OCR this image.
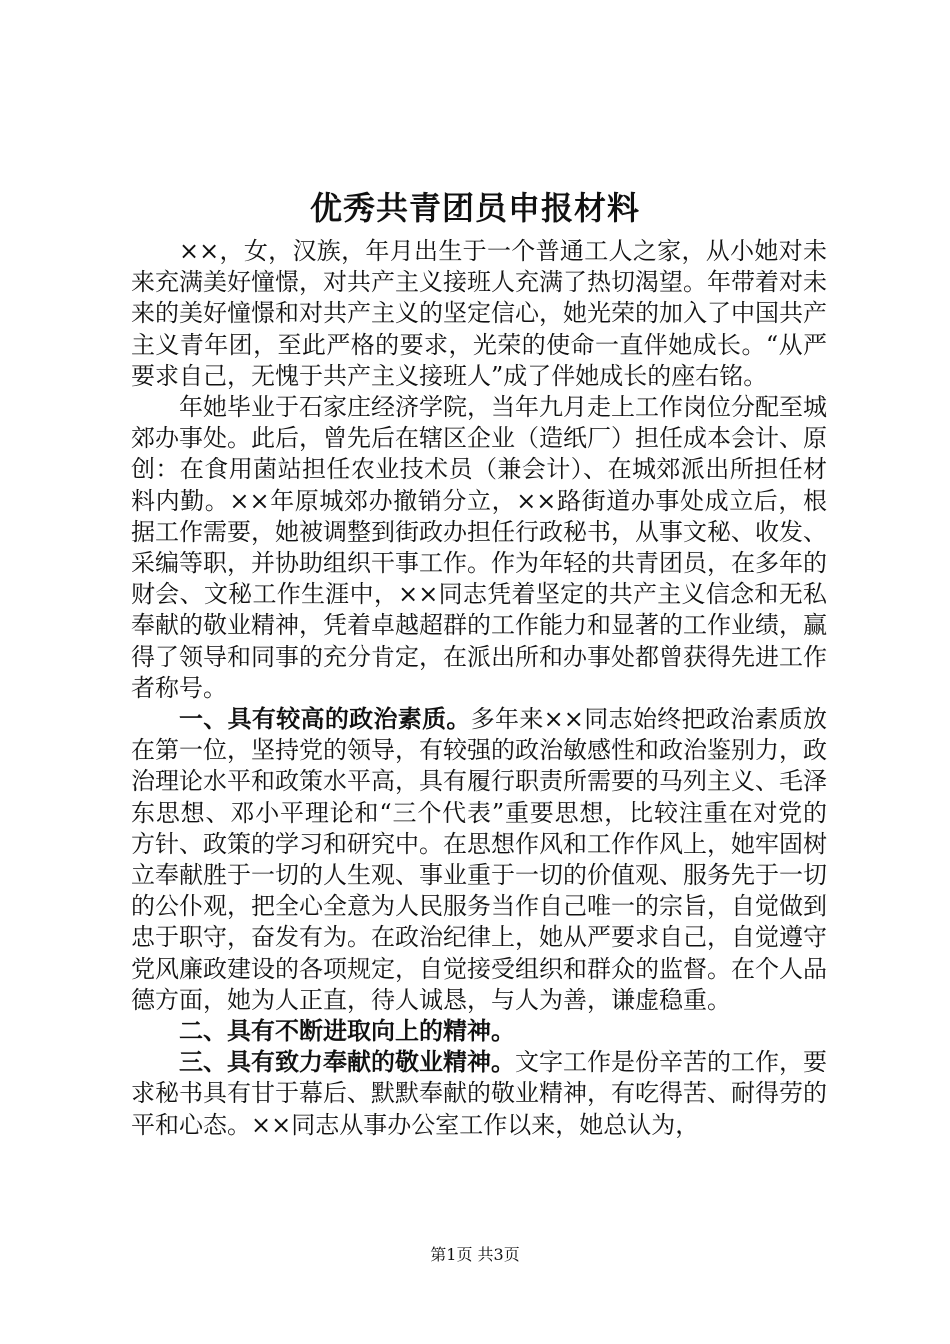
优秀共青团员申报材料

××，女，汉族，年月出生于一个普通工人之家，从小她对未来充满美好憧憬，对共产主义接班人充满了热切渴望。年带着对未来的美好憧憬和对共产主义的坚定信心，她光荣的加入了中国共产主义青年团，至此严格的要求，光荣的使命一直伴她成长。“从严要求自己，无愧于共产主义接班人”成了伴她成长的座右铭。

年她毕业于石家庄经济学院，当年九月走上工作岗位分配至城郊办事处。此后，曾先后在辖区企业（造纸厂）担任成本会计、原创：在食用菌站担任农业技术员（兼会计）、在城郊派出所担任材料内勤。××年原城郊办撤销分立，××路街道办事处成立后，根据工作需要，她被调整到街政办担任行政秘书，从事文秘、收发、采编等职，并协助组织干事工作。作为年轻的共青团员，在多年的财会、文秘工作生涯中，××同志凭着坚定的共产主义信念和无私奉献的敬业精神，凭着卓越超群的工作能力和显著的工作业绩，赢得了领导和同事的充分肯定，在派出所和办事处都曾获得先进工作者称号。

一、具有较高的政治素质。多年来××同志始终把政治素质放在第一位，坚持党的领导，有较强的政治敏感性和政治鉴别力，政治理论水平和政策水平高，具有履行职责所需要的马列主义、毛泽东思想、邓小平理论和“三个代表”重要思想，比较注重在对党的方针、政策的学习和研究中。在思想作风和工作作风上，她牢固树立奉献胜于一切的人生观、事业重于一切的价值观、服务先于一切的公仆观，把全心全意为人民服务当作自己唯一的宗旨，自觉做到忠于职守，奋发有为。在政治纪律上，她从严要求自己，自觉遵守党风廉政建设的各项规定，自觉接受组织和群众的监督。在个人品德方面，她为人正直，待人诚恳，与人为善，谦虚稳重。

二、具有不断进取向上的精神。

三、具有致力奉献的敬业精神。文字工作是份辛苦的工作，要求秘书具有甘于幕后、默默奉献的敬业精神，有吃得苦、耐得劳的平和心态。××同志从事办公室工作以来，她总认为，

第1页 共3页
